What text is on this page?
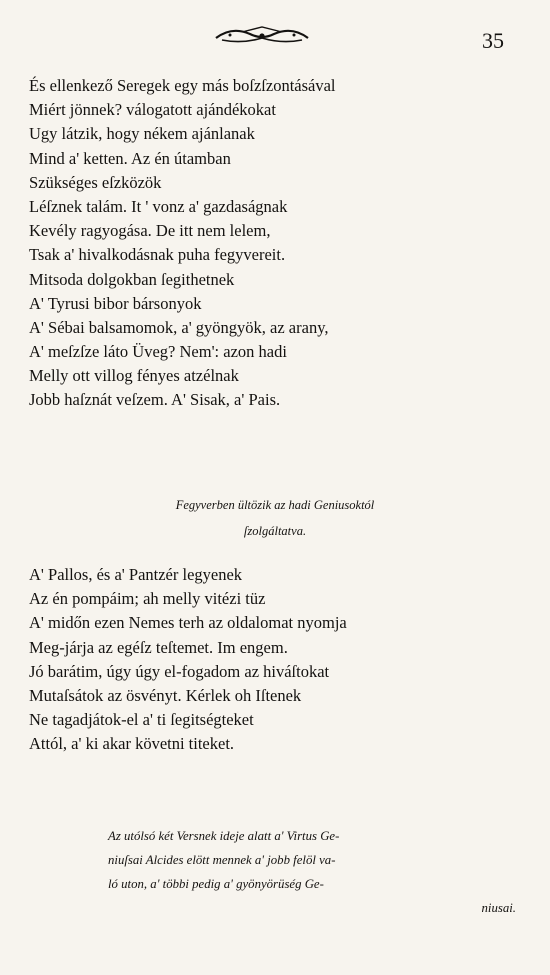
35
És ellenkező Seregek egy más boſzſzontásával
Miért jönnek? válogatott ajándékokat
Ugy látzik, hogy nékem ajánlanak
Mind a' ketten. Az én útamban
Szükséges eſzközök
Léſznek talám. It ' vonz a' gazdaságnak
Kevély ragyogása. De itt nem lelem,
Tsak a' hivalkodásnak puha fegyvereit.
Mitsoda dolgokban ſegithetnek
A' Tyrusi bibor bársonyok
A' Sébai balsamomok, a' gyöngyök, az arany,
A' meſzſze láto Üveg? Nem': azon hadi
Melly ott villog fényes atzélnak
Jobb haſznát veſzem. A' Sisak, a' Pais.
Fegyverben ültözik az hadi Geniusoktól
ſzolgáltatva.
A' Pallos, és a' Pantzér legyenek
Az én pompáim; ah melly vitézi tüz
A' midőn ezen Nemes terh az oldalomat nyomja
Meg-járja az egéſz teſtemet. Im engem.
Jó barátim, úgy úgy el-fogadom az hiváſtokat
Mutaſsátok az ösvényt. Kérlek oh Iſtenek
Ne tagadjátok-el a' ti ſegitségteket
Attól, a' ki akar követni titeket.
Az utólsó két Versnek ideje alatt a' Virtus Ge-
niuſsai Alcides elött mennek a' jobb felöl va-
ló uton, a' többi pedig a' gyönyörüség Ge-
niusai.
